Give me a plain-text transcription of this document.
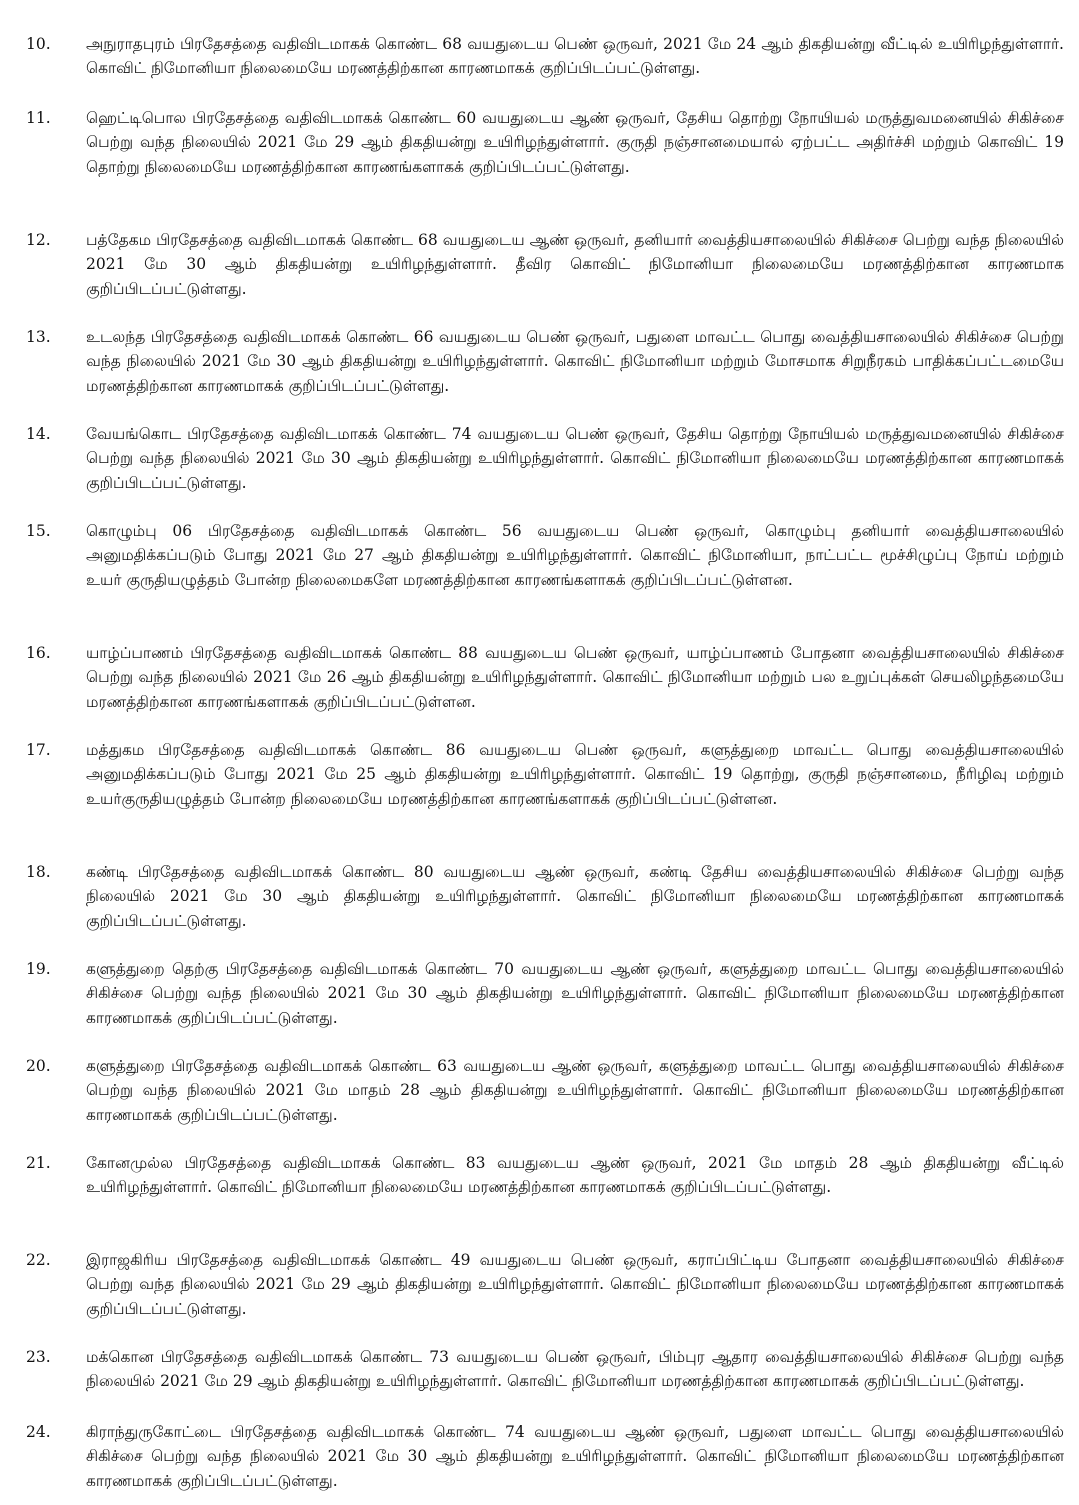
10.	அநுராதபுரம் பிரதேசத்தை வதிவிடமாகக் கொண்ட 68 வயதுடைய பெண் ஒருவர், 2021 மே 24 ஆம் திகதியன்று வீட்டில் உயிரிழந்துள்ளார். கொவிட் நிமோனியா நிலைமையே மரணத்திற்கான காரணமாகக் குறிப்பிடப்பட்டுள்ளது.
11.	ஹெட்டிபொல பிரதேசத்தை வதிவிடமாகக் கொண்ட 60 வயதுடைய ஆண் ஒருவர், தேசிய தொற்று நோயியல் மருத்துவமனையில் சிகிச்சை பெற்று வந்த நிலையில் 2021 மே 29 ஆம் திகதியன்று உயிரிழந்துள்ளார். குருதி நஞ்சானமையால் ஏற்பட்ட அதிர்ச்சி மற்றும் கொவிட் 19 தொற்று நிலைமையே மரணத்திற்கான காரணங்களாகக் குறிப்பிடப்பட்டுள்ளது.
12.	பத்தேகம பிரதேசத்தை வதிவிடமாகக் கொண்ட 68 வயதுடைய ஆண் ஒருவர், தனியார் வைத்தியசாலையில் சிகிச்சை பெற்று வந்த நிலையில் 2021 மே 30 ஆம் திகதியன்று உயிரிழந்துள்ளார். தீவிர கொவிட் நிமோனியா நிலைமையே மரணத்திற்கான காரணமாக குறிப்பிடப்பட்டுள்ளது.
13.	உடலந்த பிரதேசத்தை வதிவிடமாகக் கொண்ட 66 வயதுடைய பெண் ஒருவர், பதுளை மாவட்ட பொது வைத்தியசாலையில் சிகிச்சை பெற்று வந்த நிலையில் 2021 மே 30 ஆம் திகதியன்று உயிரிழந்துள்ளார். கொவிட் நிமோனியா மற்றும் மோசமாக சிறுநீரகம் பாதிக்கப்பட்டமையே மரணத்திற்கான காரணமாகக் குறிப்பிடப்பட்டுள்ளது.
14.	வேயங்கொட பிரதேசத்தை வதிவிடமாகக் கொண்ட 74 வயதுடைய பெண் ஒருவர், தேசிய தொற்று நோயியல் மருத்துவமனையில் சிகிச்சை பெற்று வந்த நிலையில் 2021 மே 30 ஆம் திகதியன்று உயிரிழந்துள்ளார். கொவிட் நிமோனியா நிலைமையே மரணத்திற்கான காரணமாகக் குறிப்பிடப்பட்டுள்ளது.
15.	கொழும்பு 06 பிரதேசத்தை வதிவிடமாகக் கொண்ட 56 வயதுடைய பெண் ஒருவர், கொழும்பு தனியார் வைத்தியசாலையில் அனுமதிக்கப்படும் போது 2021 மே 27 ஆம் திகதியன்று உயிரிழந்துள்ளார். கொவிட் நிமோனியா, நாட்பட்ட மூச்சிழுப்பு நோய் மற்றும் உயர் குருதியழுத்தம் போன்ற நிலைமைகளே மரணத்திற்கான காரணங்களாகக் குறிப்பிடப்பட்டுள்ளன.
16.	யாழ்ப்பாணம் பிரதேசத்தை வதிவிடமாகக் கொண்ட 88 வயதுடைய பெண் ஒருவர், யாழ்ப்பாணம் போதனா வைத்தியசாலையில் சிகிச்சை பெற்று வந்த நிலையில் 2021 மே 26 ஆம் திகதியன்று உயிரிழந்துள்ளார். கொவிட் நிமோனியா மற்றும் பல உறுப்புக்கள் செயலிழந்தமையே மரணத்திற்கான காரணங்களாகக் குறிப்பிடப்பட்டுள்ளன.
17.	மத்துகம பிரதேசத்தை வதிவிடமாகக் கொண்ட 86 வயதுடைய பெண் ஒருவர், களுத்துறை மாவட்ட பொது வைத்தியசாலையில் அனுமதிக்கப்படும் போது 2021 மே 25 ஆம் திகதியன்று உயிரிழந்துள்ளார். கொவிட் 19 தொற்று, குருதி நஞ்சானமை, நீரிழிவு மற்றும் உயர்குருதியழுத்தம் போன்ற நிலைமையே மரணத்திற்கான காரணங்களாகக் குறிப்பிடப்பட்டுள்ளன.
18.	கண்டி பிரதேசத்தை வதிவிடமாகக் கொண்ட 80 வயதுடைய ஆண் ஒருவர், கண்டி தேசிய வைத்தியசாலையில் சிகிச்சை பெற்று வந்த நிலையில் 2021 மே 30 ஆம் திகதியன்று உயிரிழந்துள்ளார். கொவிட் நிமோனியா நிலைமையே மரணத்திற்கான காரணமாகக் குறிப்பிடப்பட்டுள்ளது.
19.	களுத்துறை தெற்கு பிரதேசத்தை வதிவிடமாகக் கொண்ட 70 வயதுடைய ஆண் ஒருவர், களுத்துறை மாவட்ட பொது வைத்தியசாலையில் சிகிச்சை பெற்று வந்த நிலையில் 2021 மே 30 ஆம் திகதியன்று உயிரிழந்துள்ளார். கொவிட் நிமோனியா நிலைமையே மரணத்திற்கான காரணமாகக் குறிப்பிடப்பட்டுள்ளது.
20.	களுத்துறை பிரதேசத்தை வதிவிடமாகக் கொண்ட 63 வயதுடைய ஆண் ஒருவர், களுத்துறை மாவட்ட பொது வைத்தியசாலையில் சிகிச்சை பெற்று வந்த நிலையில் 2021 மே மாதம் 28 ஆம் திகதியன்று உயிரிழந்துள்ளார். கொவிட் நிமோனியா நிலைமையே மரணத்திற்கான காரணமாகக் குறிப்பிடப்பட்டுள்ளது.
21.	கோனமுல்ல பிரதேசத்தை வதிவிடமாகக் கொண்ட 83 வயதுடைய ஆண் ஒருவர், 2021 மே மாதம் 28 ஆம் திகதியன்று வீட்டில் உயிரிழந்துள்ளார். கொவிட் நிமோனியா நிலைமையே மரணத்திற்கான காரணமாகக் குறிப்பிடப்பட்டுள்ளது.
22.	இராஜகிரிய பிரதேசத்தை வதிவிடமாகக் கொண்ட 49 வயதுடைய பெண் ஒருவர், கராப்பிட்டிய போதனா வைத்தியசாலையில் சிகிச்சை பெற்று வந்த நிலையில் 2021 மே 29 ஆம் திகதியன்று உயிரிழந்துள்ளார். கொவிட் நிமோனியா நிலைமையே மரணத்திற்கான காரணமாகக் குறிப்பிடப்பட்டுள்ளது.
23.	மக்கொன பிரதேசத்தை வதிவிடமாகக் கொண்ட 73 வயதுடைய பெண் ஒருவர், பிம்புர ஆதார வைத்தியசாலையில் சிகிச்சை பெற்று வந்த நிலையில் 2021 மே 29 ஆம் திகதியன்று உயிரிழந்துள்ளார். கொவிட் நிமோனியா மரணத்திற்கான காரணமாகக் குறிப்பிடப்பட்டுள்ளது.
24.	கிராந்துருகோட்டை பிரதேசத்தை வதிவிடமாகக் கொண்ட 74 வயதுடைய ஆண் ஒருவர், பதுளை மாவட்ட பொது வைத்தியசாலையில் சிகிச்சை பெற்று வந்த நிலையில் 2021 மே 30 ஆம் திகதியன்று உயிரிழந்துள்ளார். கொவிட் நிமோனியா நிலைமையே மரணத்திற்கான காரணமாகக் குறிப்பிடப்பட்டுள்ளது.
